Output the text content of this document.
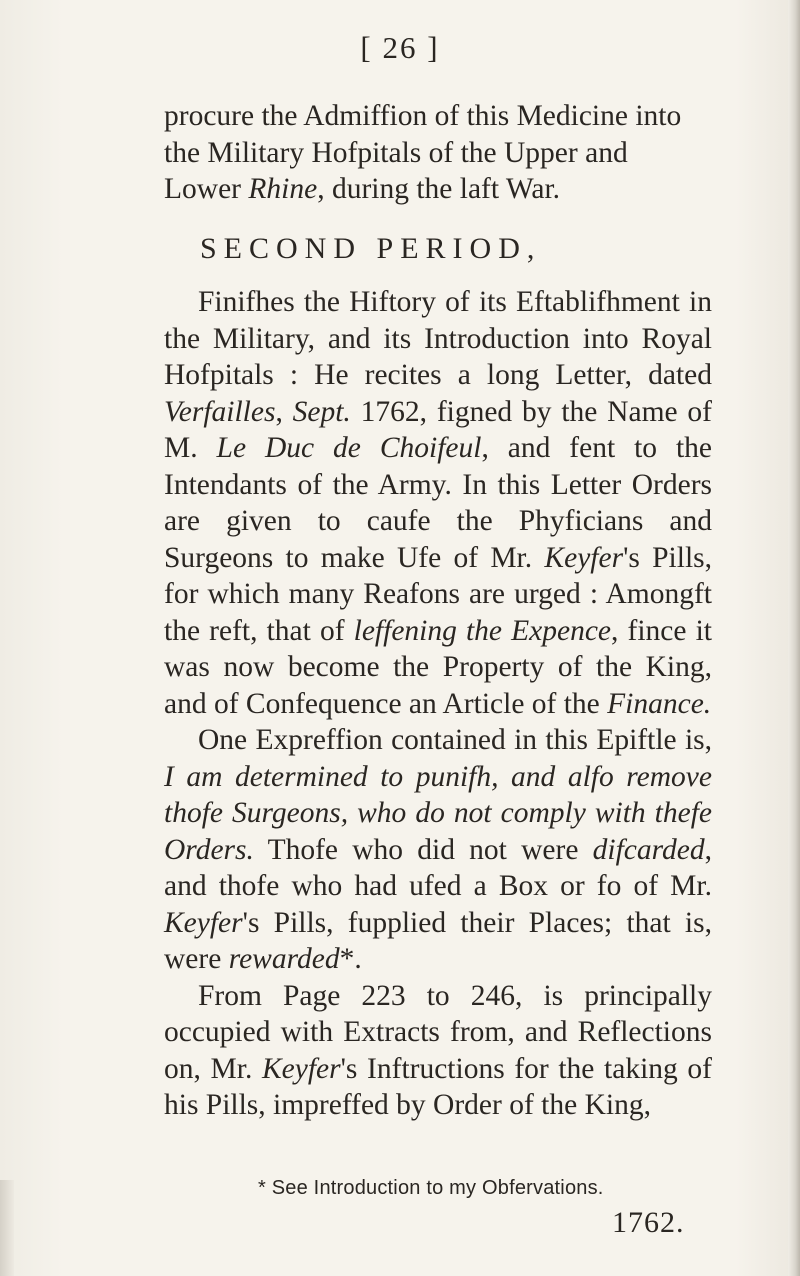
[ 26 ]

procure the Admiffion of this Medicine into
the Military Hofpitals of the Upper and
Lower Rhine, during the laft War.

SECOND PERIOD,

Finifhes the Hiftory of its Eftablifhment in the Military, and its Introduction into Royal Hofpitals : He recites a long Letter, dated Verfailles, Sept. 1762, figned by the Name of M. Le Duc de Choifeul, and fent to the Intendants of the Army. In this Letter Orders are given to caufe the Phyficians and Surgeons to make Ufe of Mr. Keyfer's Pills, for which many Reafons are urged : Amongft the reft, that of leffening the Expence, fince it was now become the Property of the King, and of Confequence an Article of the Finance.

One Expreffion contained in this Epiftle is, I am determined to punifh, and alfo remove thofe Surgeons, who do not comply with thefe Orders. Thofe who did not were difcarded, and thofe who had ufed a Box or fo of Mr. Keyfer's Pills, fupplied their Places; that is, were rewarded*.

From Page 223 to 246, is principally occupied with Extracts from, and Reflections on, Mr. Keyfer's Inftructions for the taking of his Pills, impreffed by Order of the King,

* See Introduction to my Obfervations.
1762.
